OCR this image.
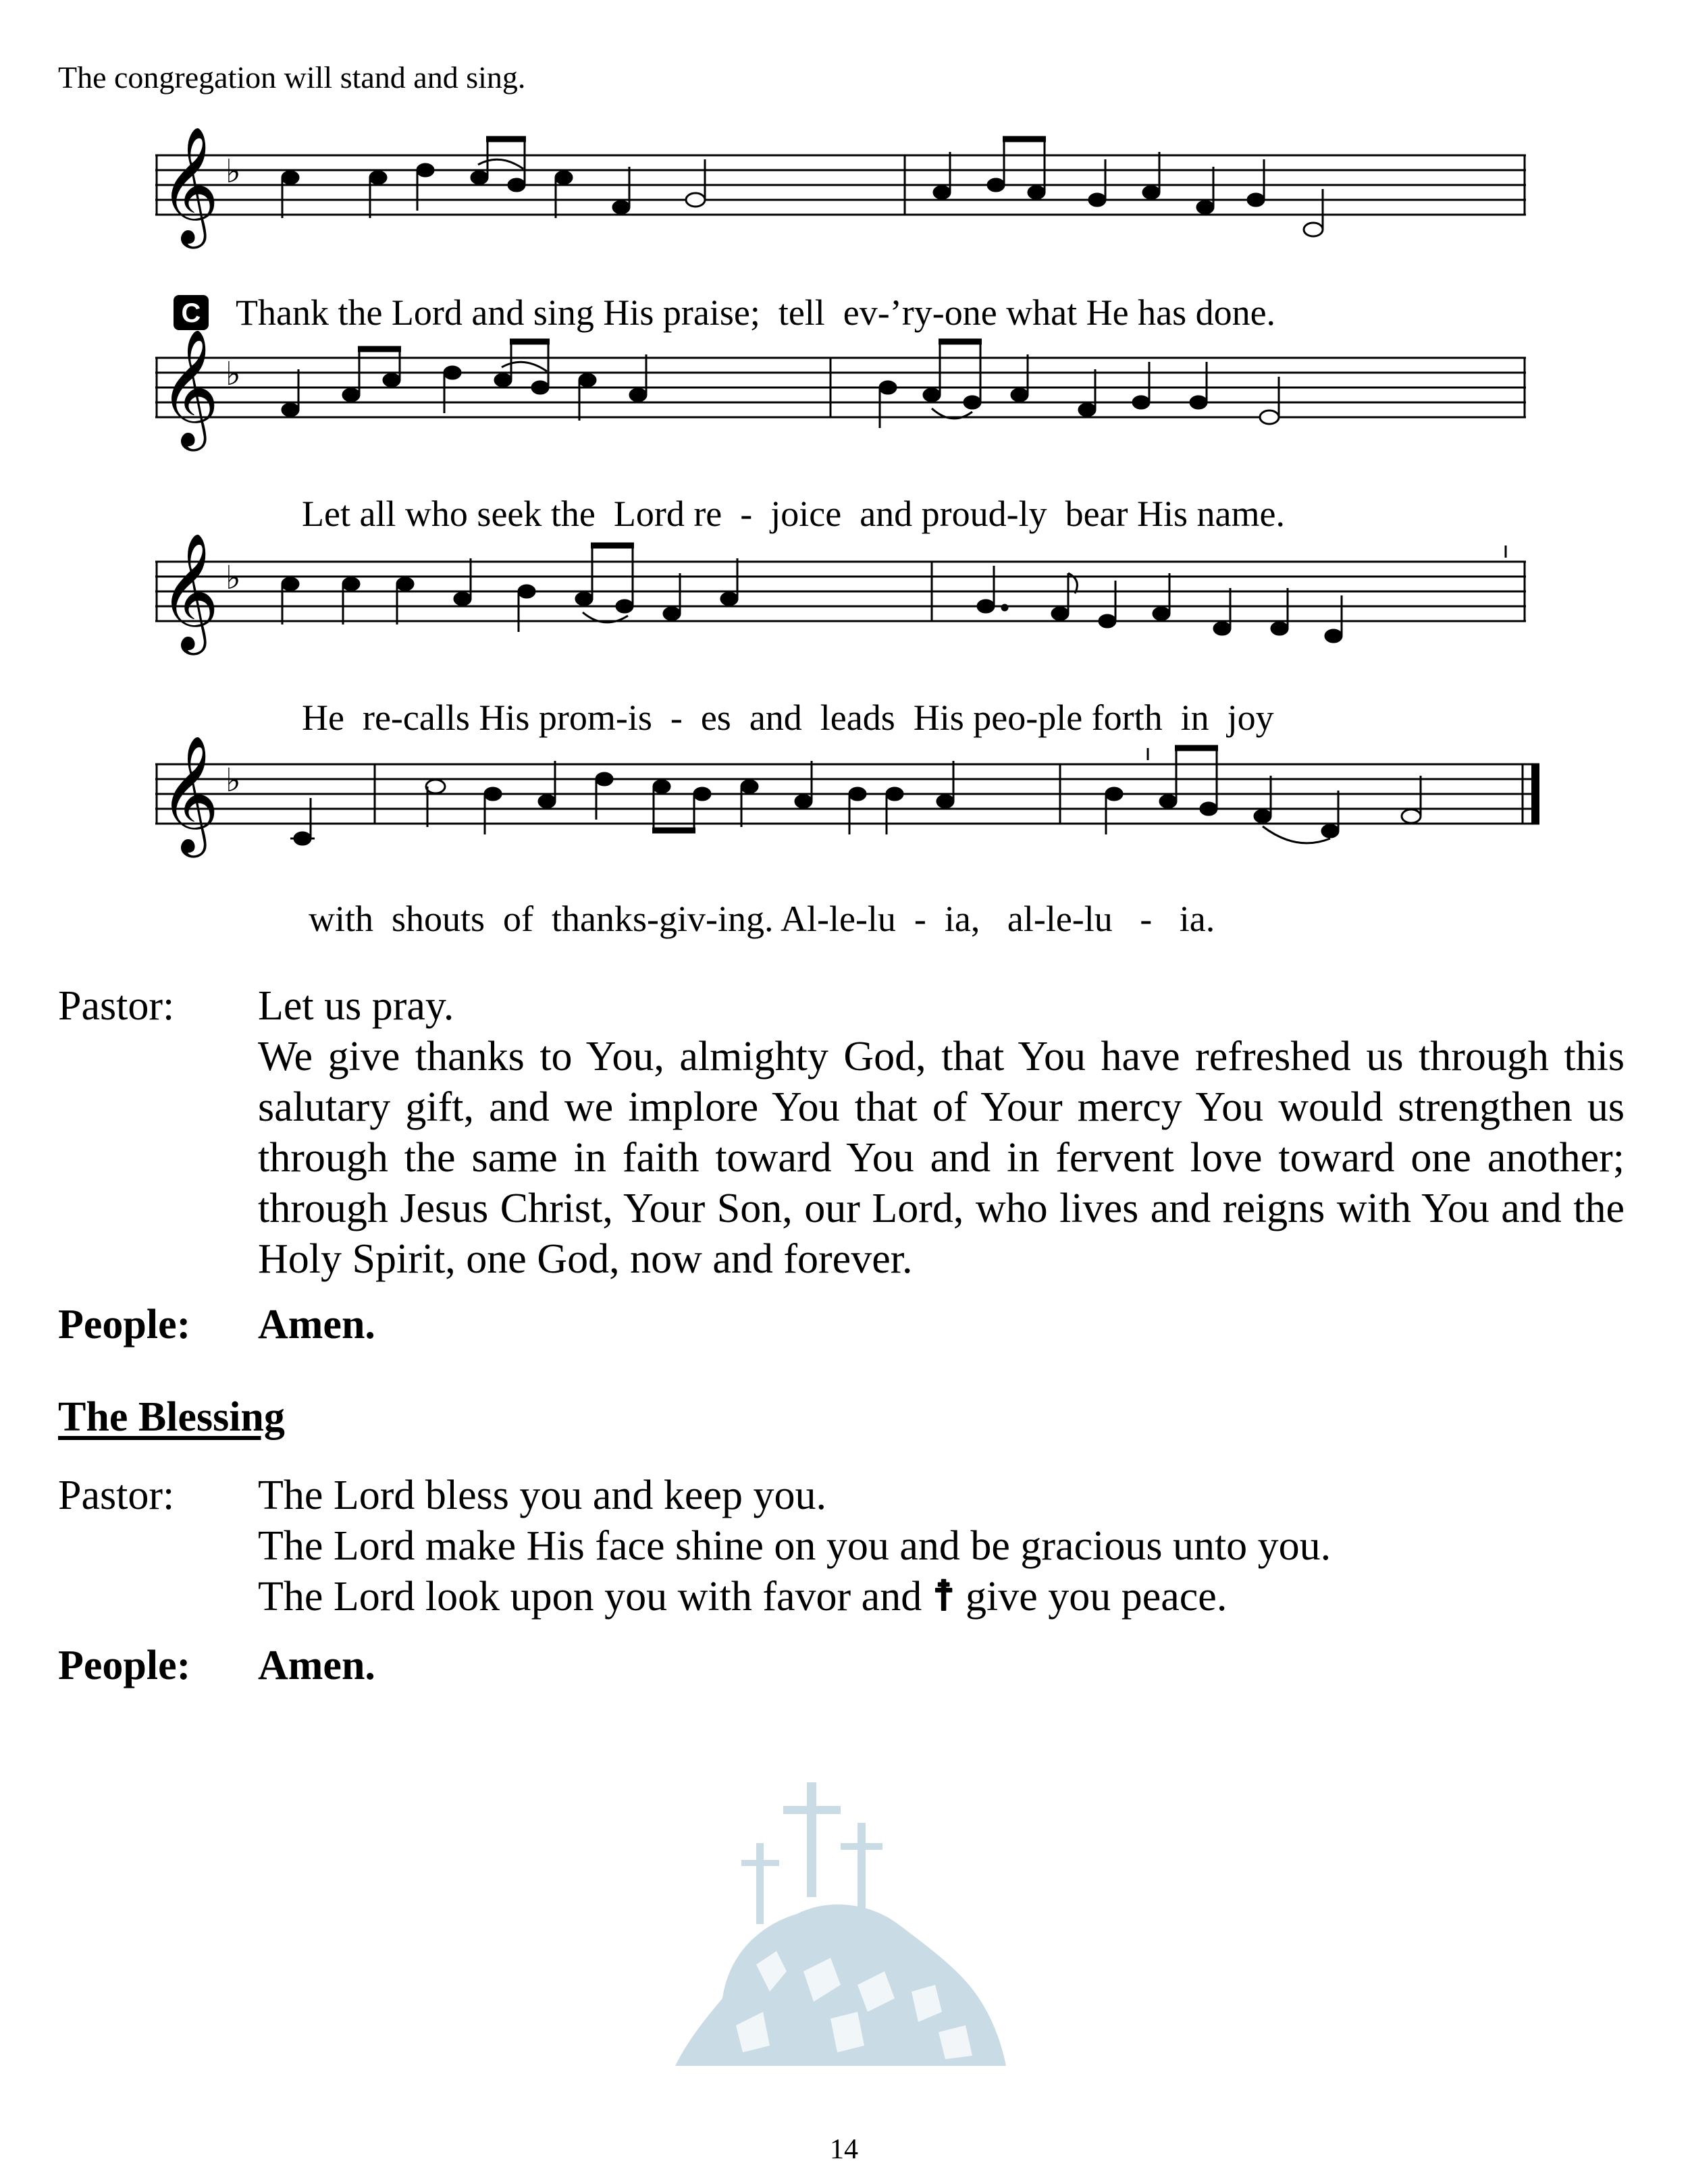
The congregation will stand and sing.
𝄞 ♭

C Thank the Lord and sing His praise;  tell  ev-’ry-one what He has done.

𝄞 ♭

Let all who seek the  Lord re  -  joice  and proud-ly  bear His name.

𝄞 ♭

He  re-calls His prom-is  -  es  and  leads  His peo-ple forth  in  joy

𝄞 ♭

with  shouts  of  thanks-giv-ing. Al-le-lu  -  ia,   al-le-lu   -   ia.

Pastor: Let us pray.
We give thanks to You, almighty God, that You have refreshed us through this salutary gift, and we implore You that of Your mercy You would strengthen us through the same in faith toward You and in fervent love toward one another; through Jesus Christ, Your Son, our Lord, who lives and reigns with You and the Holy Spirit, one God, now and forever.
People: Amen.
The Blessing
Pastor: The Lord bless you and keep you.
The Lord make His face shine on you and be gracious unto you.
The Lord look upon you with favor and ☨ give you peace.
People: Amen.
14
